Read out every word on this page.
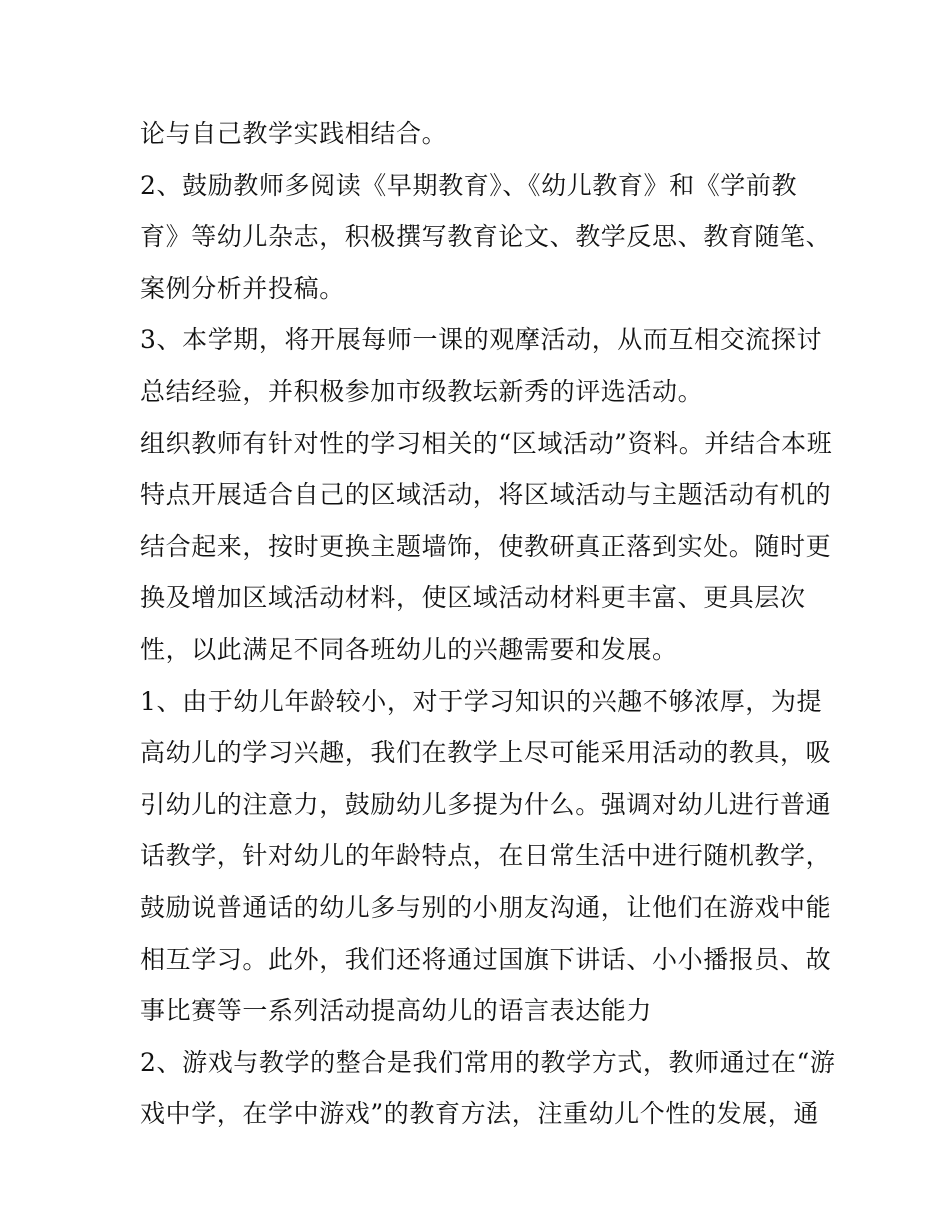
论与自己教学实践相结合。
2、鼓励教师多阅读《早期教育》、《幼儿教育》和《学前教
育》等幼儿杂志，积极撰写教育论文、教学反思、教育随笔、
案例分析并投稿。
3、本学期，将开展每师一课的观摩活动，从而互相交流探讨
总结经验，并积极参加市级教坛新秀的评选活动。
组织教师有针对性的学习相关的“区域活动”资料。并结合本班
特点开展适合自己的区域活动，将区域活动与主题活动有机的
结合起来，按时更换主题墙饰，使教研真正落到实处。随时更
换及增加区域活动材料，使区域活动材料更丰富、更具层次
性，以此满足不同各班幼儿的兴趣需要和发展。
1、由于幼儿年龄较小，对于学习知识的兴趣不够浓厚，为提
高幼儿的学习兴趣，我们在教学上尽可能采用活动的教具，吸
引幼儿的注意力，鼓励幼儿多提为什么。强调对幼儿进行普通
话教学，针对幼儿的年龄特点，在日常生活中进行随机教学，
鼓励说普通话的幼儿多与别的小朋友沟通，让他们在游戏中能
相互学习。此外，我们还将通过国旗下讲话、小小播报员、故
事比赛等一系列活动提高幼儿的语言表达能力
2、游戏与教学的整合是我们常用的教学方式，教师通过在“游
戏中学，在学中游戏”的教育方法，注重幼儿个性的发展，通
